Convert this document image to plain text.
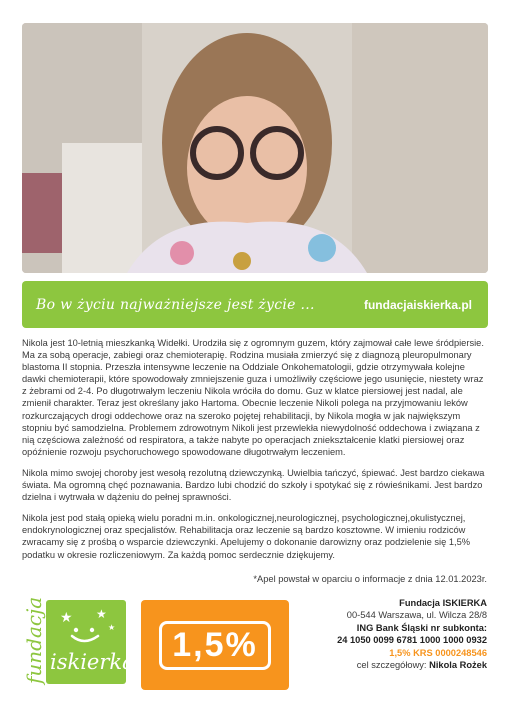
Bo w życiu najważniejsze jest życie ...	fundacjaiskierka.pl

Nikola jest 10-letnią mieszkanką Widełki. Urodziła się z ogromnym guzem, który zajmował całe lewe śródpiersie. Ma za sobą operacje, zabiegi oraz chemioterapię. Rodzina musiała zmierzyć się z diagnozą pleuropulmonary blastoma II stopnia. Przeszła intensywne leczenie na Oddziale Onkohematologii, gdzie otrzymywała kolejne dawki chemioterapii, które spowodowały zmniejszenie guza i umożliwiły częściowe jego usunięcie, niestety wraz z żebrami od 2-4. Po długotrwałym leczeniu Nikola wróciła do domu. Guz w klatce piersiowej jest nadal, ale zmienił charakter. Teraz jest określany jako Hartoma. Obecnie leczenie Nikoli polega na przyjmowaniu leków rozkurczających drogi oddechowe oraz na szeroko pojętej rehabilitacji, by Nikola mogła w jak największym stopniu być samodzielna. Problemem zdrowotnym Nikoli jest przewlekła niewydolność oddechowa i związana z nią częściowa zależność od respiratora, a także nabyte po operacjach zniekształcenie klatki piersiowej oraz opóźnienie rozwoju psychoruchowego spowodowane długotrwałym leczeniem.

Nikola mimo swojej choroby jest wesołą rezolutną dziewczynką. Uwielbia tańczyć, śpiewać. Jest bardzo ciekawa świata. Ma ogromną chęć poznawania. Bardzo lubi chodzić do szkoły i spotykać się z rówieśnikami. Jest bardzo dzielna i wytrwała w dążeniu do pełnej sprawności.

Nikola jest pod stałą opieką wielu poradni m.in. onkologicznej,neurologicznej, psychologicznej,okulistycznej, endokrynologicznej oraz specjalistów. Rehabilitacja oraz leczenie są bardzo kosztowne. W imieniu rodziców zwracamy się z prośbą o wsparcie dziewczynki. Apelujemy o dokonanie darowizny oraz podzielenie się 1,5% podatku w okresie rozliczeniowym. Za każdą pomoc serdecznie dziękujemy.

*Apel powstał w oparciu o informacje z dnia 12.01.2023r.
★ ★
★
fundacja iskierka	1,5%
Fundacja ISKIERKA
00-544 Warszawa, ul. Wilcza 28/8
ING Bank Śląski nr subkonta:
24 1050 0099 6781 1000 1000 0932
1,5% KRS 0000248546
cel szczegółowy: Nikola Rożek
